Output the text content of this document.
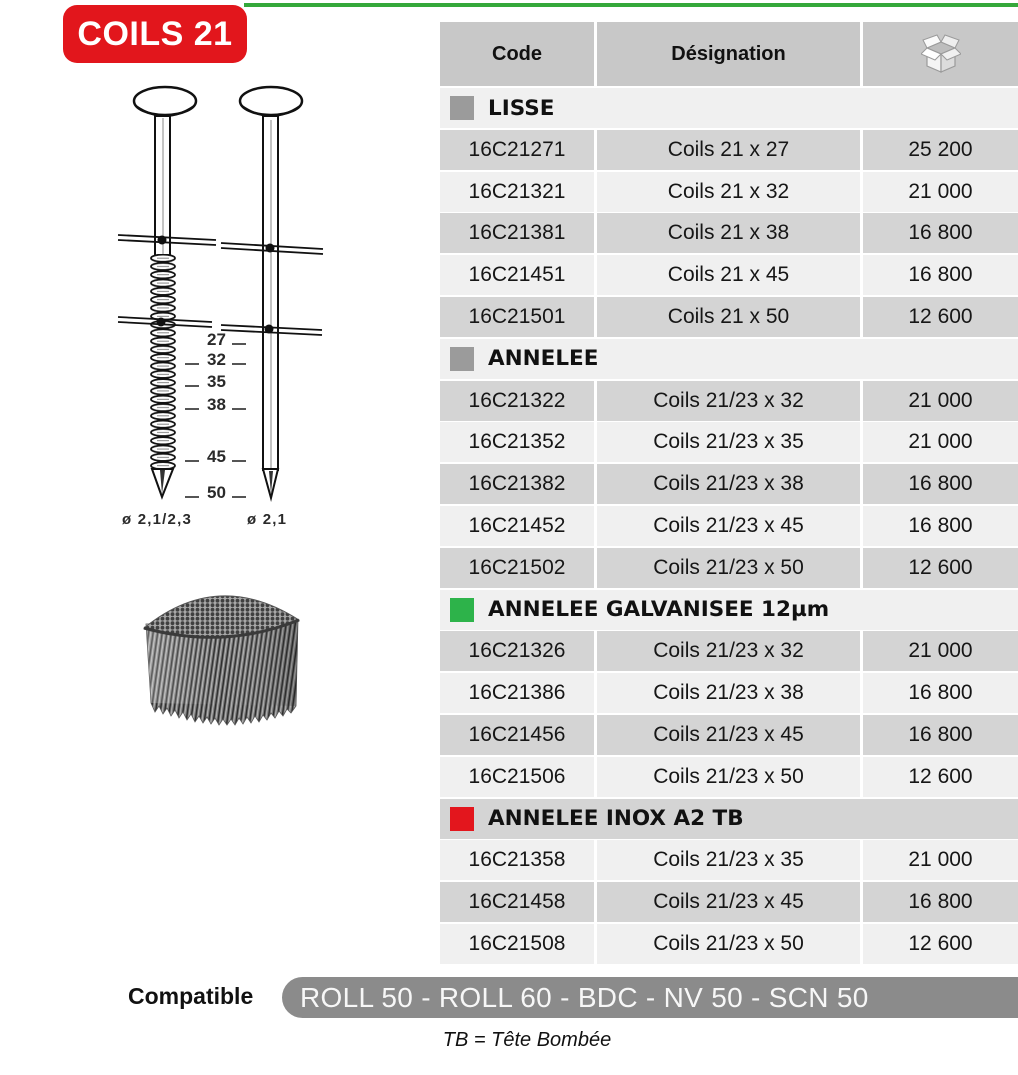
27
32
35
38
45
50
ø 2,1/2,3	ø 2,1
COILS 21
Code	Désignation
LISSE
16C21271	Coils 21 x 27	25 200
16C21321	Coils 21 x 32	21 000
16C21381	Coils 21 x 38	16 800
16C21451	Coils 21 x 45	16 800
16C21501	Coils 21 x 50	12 600
ANNELEE
16C21322	Coils 21/23 x 32	21 000
16C21352	Coils 21/23 x 35	21 000
16C21382	Coils 21/23 x 38	16 800
16C21452	Coils 21/23 x 45	16 800
16C21502	Coils 21/23 x 50	12 600
ANNELEE GALVANISEE 12µm
16C21326	Coils 21/23 x 32	21 000
16C21386	Coils 21/23 x 38	16 800
16C21456	Coils 21/23 x 45	16 800
16C21506	Coils 21/23 x 50	12 600
ANNELEE INOX A2 TB
16C21358	Coils 21/23 x 35	21 000
16C21458	Coils 21/23 x 45	16 800
16C21508	Coils 21/23 x 50	12 600
Compatible ROLL 50 - ROLL 60 - BDC - NV 50 - SCN 50
TB = Tête Bombée
